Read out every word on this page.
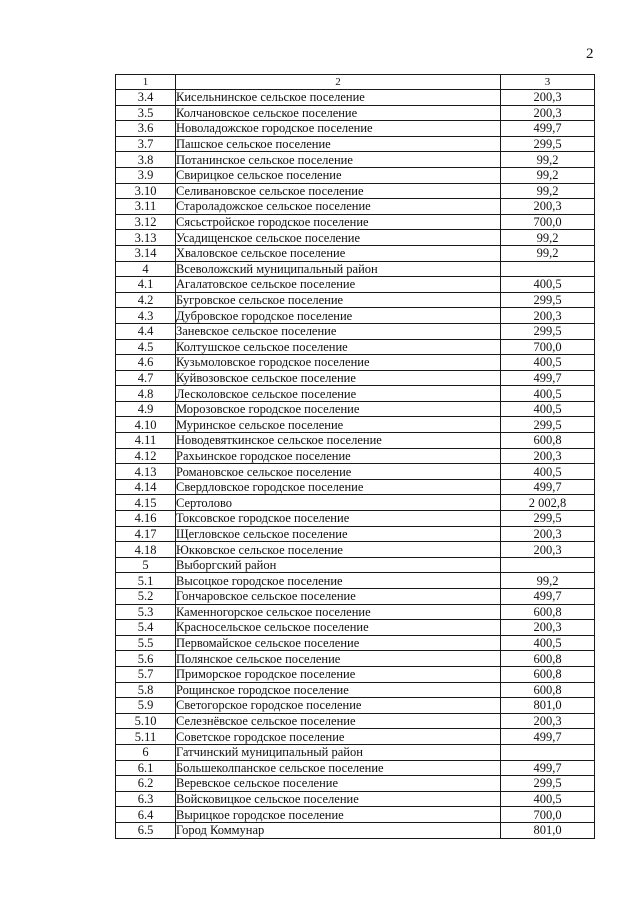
2
1	2	3
3.4	Кисельнинское сельское поселение	200,3
3.5	Колчановское сельское поселение	200,3
3.6	Новоладожское городское поселение	499,7
3.7	Пашское сельское поселение	299,5
3.8	Потанинское сельское поселение	99,2
3.9	Свирицкое сельское поселение	99,2
3.10	Селивановское сельское поселение	99,2
3.11	Староладожское сельское поселение	200,3
3.12	Сясьстройское городское поселение	700,0
3.13	Усадищенское сельское поселение	99,2
3.14	Хваловское сельское поселение	99,2
4	Всеволожский муниципальный район	
4.1	Агалатовское сельское поселение	400,5
4.2	Бугровское сельское поселение	299,5
4.3	Дубровское городское поселение	200,3
4.4	Заневское сельское поселение	299,5
4.5	Колтушское сельское поселение	700,0
4.6	Кузьмоловское городское поселение	400,5
4.7	Куйвозовское сельское поселение	499,7
4.8	Лесколовское сельское поселение	400,5
4.9	Морозовское городское поселение	400,5
4.10	Муринское сельское поселение	299,5
4.11	Новодевяткинское сельское поселение	600,8
4.12	Рахьинское городское поселение	200,3
4.13	Романовское сельское поселение	400,5
4.14	Свердловское городское поселение	499,7
4.15	Сертолово	2 002,8
4.16	Токсовское городское поселение	299,5
4.17	Щегловское сельское поселение	200,3
4.18	Юкковское сельское поселение	200,3
5	Выборгский район	
5.1	Высоцкое городское поселение	99,2
5.2	Гончаровское сельское поселение	499,7
5.3	Каменногорское сельское поселение	600,8
5.4	Красносельское сельское поселение	200,3
5.5	Первомайское сельское поселение	400,5
5.6	Полянское сельское поселение	600,8
5.7	Приморское городское поселение	600,8
5.8	Рощинское городское поселение	600,8
5.9	Светогорское городское поселение	801,0
5.10	Селезнёвское сельское поселение	200,3
5.11	Советское городское поселение	499,7
6	Гатчинский муниципальный район	
6.1	Большеколпанское сельское поселение	499,7
6.2	Веревское сельское поселение	299,5
6.3	Войсковицкое сельское поселение	400,5
6.4	Вырицкое городское поселение	700,0
6.5	Город Коммунар	801,0
